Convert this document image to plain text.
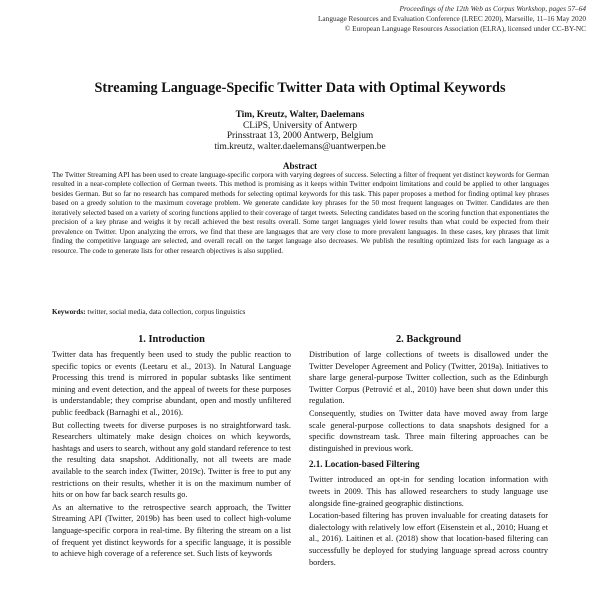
Proceedings of the 12th Web as Corpus Workshop, pages 57–64
Language Resources and Evaluation Conference (LREC 2020), Marseille, 11–16 May 2020
© European Language Resources Association (ELRA), licensed under CC-BY-NC
Streaming Language-Specific Twitter Data with Optimal Keywords
Tim, Kreutz, Walter, Daelemans
CLiPS, University of Antwerp
Prinsstraat 13, 2000 Antwerp, Belgium
tim.kreutz, walter.daelemans@uantwerpen.be
Abstract

The Twitter Streaming API has been used to create language-specific corpora with varying degrees of success. Selecting a filter of frequent yet distinct keywords for German resulted in a near-complete collection of German tweets. This method is promising as it keeps within Twitter endpoint limitations and could be applied to other languages besides German. But so far no research has compared methods for selecting optimal keywords for this task. This paper proposes a method for finding optimal key phrases based on a greedy solution to the maximum coverage problem. We generate candidate key phrases for the 50 most frequent languages on Twitter. Candidates are then iteratively selected based on a variety of scoring functions applied to their coverage of target tweets. Selecting candidates based on the scoring function that exponentiates the precision of a key phrase and weighs it by recall achieved the best results overall. Some target languages yield lower results than what could be expected from their prevalence on Twitter. Upon analyzing the errors, we find that these are languages that are very close to more prevalent languages. In these cases, key phrases that limit finding the competitive language are selected, and overall recall on the target language also decreases. We publish the resulting optimized lists for each language as a resource. The code to generate lists for other research objectives is also supplied.

Keywords: twitter, social media, data collection, corpus linguistics

1. Introduction

Twitter data has frequently been used to study the public reaction to specific topics or events (Leetaru et al., 2013). In Natural Language Processing this trend is mirrored in popular subtasks like sentiment mining and event detection, and the appeal of tweets for these purposes is understandable; they comprise abundant, open and mostly unfiltered public feedback (Barnaghi et al., 2016).

But collecting tweets for diverse purposes is no straightforward task. Researchers ultimately make design choices on which keywords, hashtags and users to search, without any gold standard reference to test the resulting data snapshot. Additionally, not all tweets are made available to the search index (Twitter, 2019c). Twitter is free to put any restrictions on their results, whether it is on the maximum number of hits or on how far back search results go.

As an alternative to the retrospective search approach, the Twitter Streaming API (Twitter, 2019b) has been used to collect high-volume language-specific corpora in real-time. By filtering the stream on a list of frequent yet distinct keywords for a specific language, it is possible to achieve high coverage of a reference set. Such lists of keywords

2. Background

Distribution of large collections of tweets is disallowed under the Twitter Developer Agreement and Policy (Twitter, 2019a). Initiatives to share large general-purpose Twitter collection, such as the Edinburgh Twitter Corpus (Petrović et al., 2010) have been shut down under this regulation.

Consequently, studies on Twitter data have moved away from large scale general-purpose collections to data snapshots designed for a specific downstream task. Three main filtering approaches can be distinguished in previous work.

2.1. Location-based Filtering

Twitter introduced an opt-in for sending location information with tweets in 2009. This has allowed researchers to study language use alongside fine-grained geographic distinctions.

Location-based filtering has proven invaluable for creating datasets for dialectology with relatively low effort (Eisenstein et al., 2010; Huang et al., 2016). Laitinen et al. (2018) show that location-based filtering can successfully be deployed for studying language spread across country borders.
